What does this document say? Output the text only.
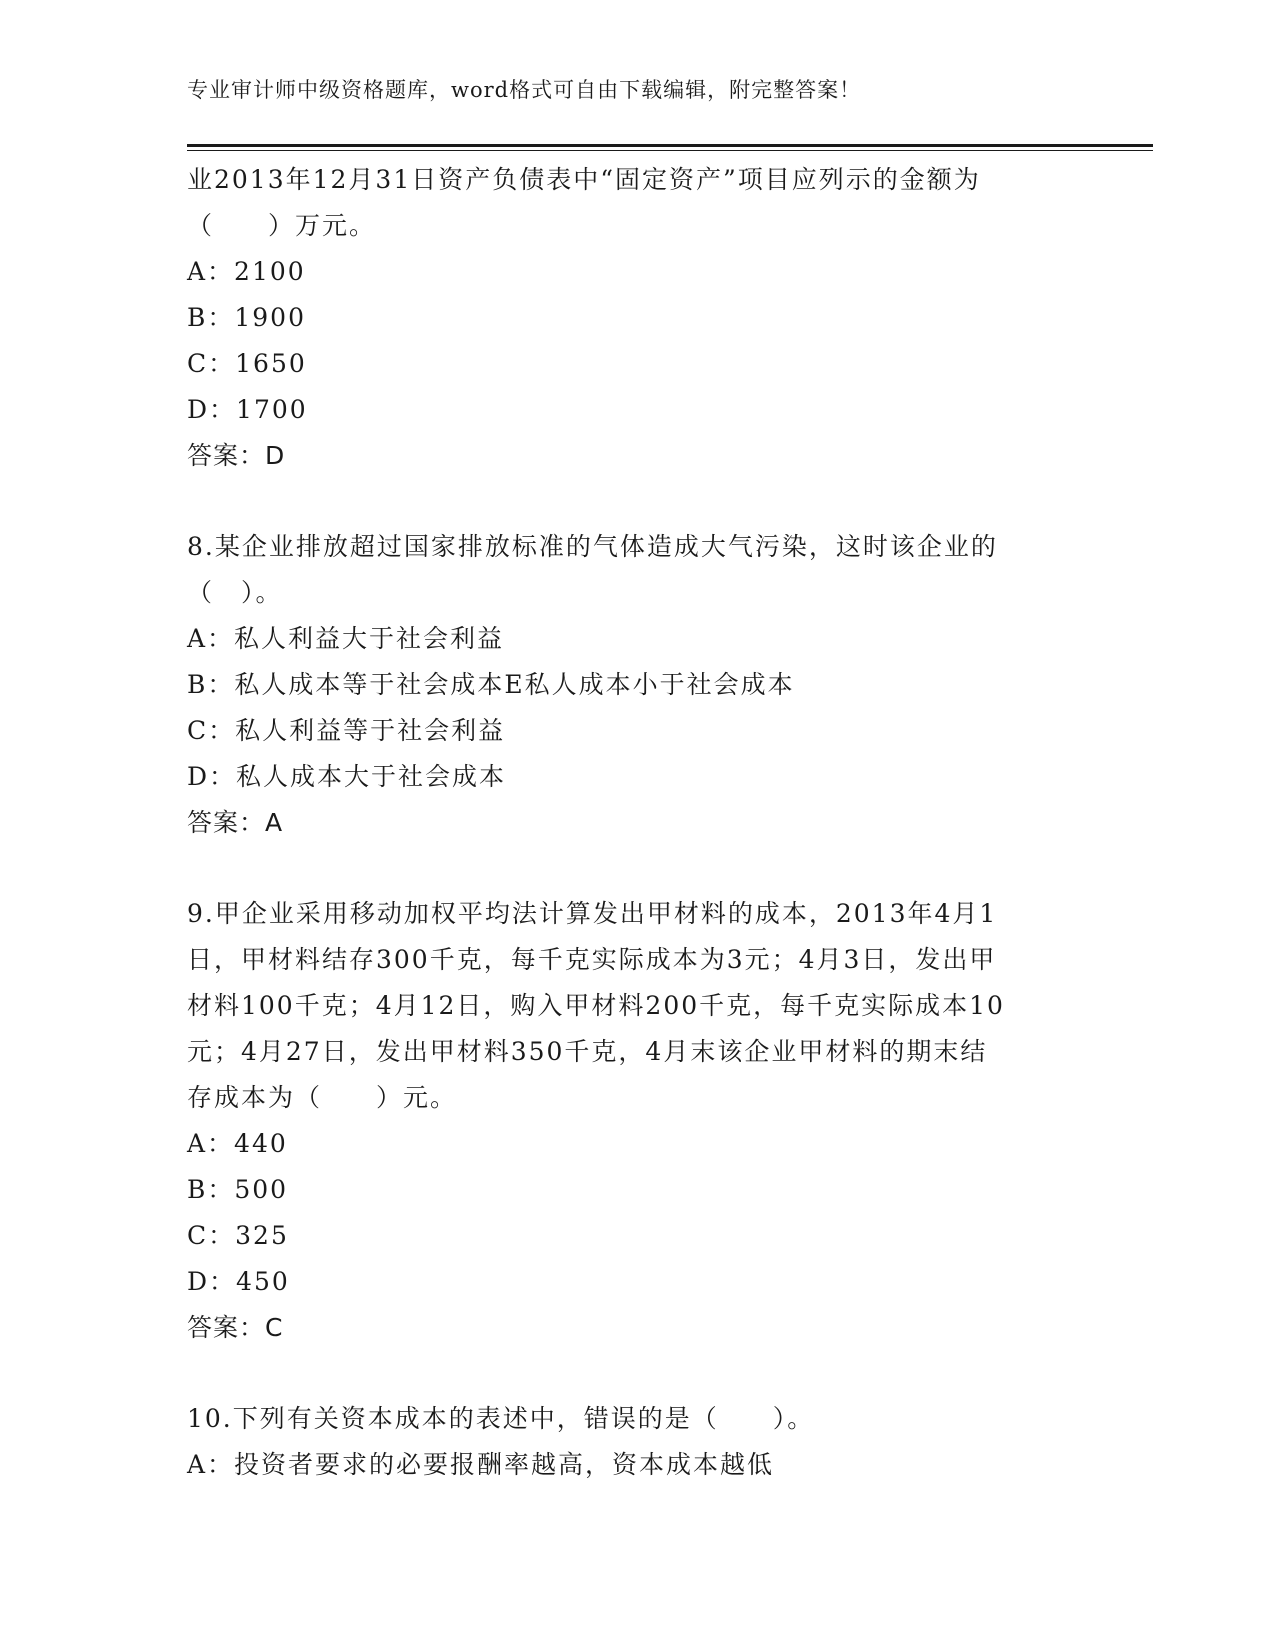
专业审计师中级资格题库，word格式可自由下载编辑，附完整答案！
业2013年12月31日资产负债表中“固定资产”项目应列示的金额为
（　　）万元。
A：2100
B：1900
C：1650
D：1700
答案：D
8.某企业排放超过国家排放标准的气体造成大气污染，这时该企业的
（　）。
A：私人利益大于社会利益
B：私人成本等于社会成本E私人成本小于社会成本
C：私人利益等于社会利益
D：私人成本大于社会成本
答案：A
9.甲企业采用移动加权平均法计算发出甲材料的成本，2013年4月1
日，甲材料结存300千克，每千克实际成本为3元；4月3日，发出甲
材料100千克；4月12日，购入甲材料200千克，每千克实际成本10
元；4月27日，发出甲材料350千克，4月末该企业甲材料的期末结
存成本为（　　）元。
A：440
B：500
C：325
D：450
答案：C
10.下列有关资本成本的表述中，错误的是（　　）。
A：投资者要求的必要报酬率越高，资本成本越低
